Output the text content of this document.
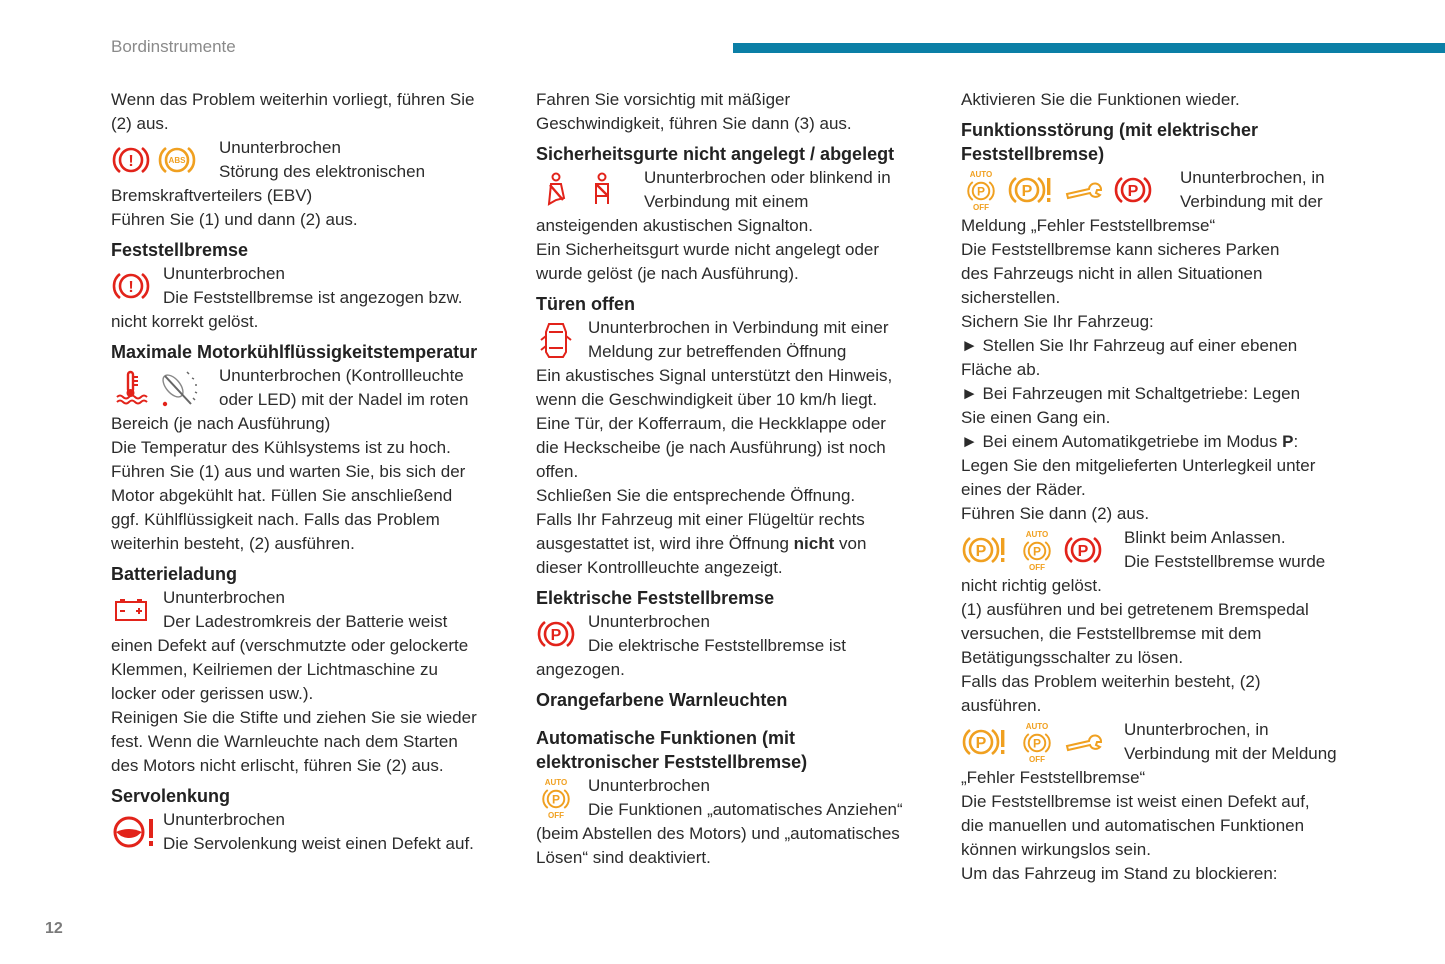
Bordinstrumente

Wenn das Problem weiterhin vorliegt, führen Sie
(2) aus.

!	ABS
Ununterbrochen
Störung des elektronischen
Bremskraftverteilers (EBV)
Führen Sie (1) und dann (2) aus.

Feststellbremse

!
Ununterbrochen
Die Feststellbremse ist angezogen bzw.
nicht korrekt gelöst.

Maximale Motorkühlflüssigkeitstemperatur

Ununterbrochen (Kontrollleuchte
oder LED) mit der Nadel im roten
Bereich (je nach Ausführung)
Die Temperatur des Kühlsystems ist zu hoch.
Führen Sie (1) aus und warten Sie, bis sich der
Motor abgekühlt hat. Füllen Sie anschließend
ggf. Kühlflüssigkeit nach. Falls das Problem
weiterhin besteht, (2) ausführen.

Batterieladung

Ununterbrochen
Der Ladestromkreis der Batterie weist
einen Defekt auf (verschmutzte oder gelockerte
Klemmen, Keilriemen der Lichtmaschine zu
locker oder gerissen usw.).
Reinigen Sie die Stifte und ziehen Sie sie wieder
fest. Wenn die Warnleuchte nach dem Starten
des Motors nicht erlischt, führen Sie (2) aus.

Servolenkung

Ununterbrochen
Die Servolenkung weist einen Defekt auf.

Fahren Sie vorsichtig mit mäßiger
Geschwindigkeit, führen Sie dann (3) aus.

Sicherheitsgurte nicht angelegt / abgelegt

Ununterbrochen oder blinkend in
Verbindung mit einem
ansteigenden akustischen Signalton.
Ein Sicherheitsgurt wurde nicht angelegt oder
wurde gelöst (je nach Ausführung).

Türen offen

Ununterbrochen in Verbindung mit einer
Meldung zur betreffenden Öffnung
Ein akustisches Signal unterstützt den Hinweis,
wenn die Geschwindigkeit über 10 km/h liegt.
Eine Tür, der Kofferraum, die Heckklappe oder
die Heckscheibe (je nach Ausführung) ist noch
offen.
Schließen Sie die entsprechende Öffnung.
Falls Ihr Fahrzeug mit einer Flügeltür rechts
ausgestattet ist, wird ihre Öffnung nicht von
dieser Kontrollleuchte angezeigt.

Elektrische Feststellbremse

P
Ununterbrochen
Die elektrische Feststellbremse ist
angezogen.

Orangefarbene Warnleuchten
Automatische Funktionen (mit
elektronischer Feststellbremse)

AUTO
P
OFF
Ununterbrochen
Die Funktionen „automatisches Anziehen“
(beim Abstellen des Motors) und „automatisches
Lösen“ sind deaktiviert.

Aktivieren Sie die Funktionen wieder.

Funktionsstörung (mit elektrischer
Feststellbremse)

AUTO
P
OFF
P	P
Ununterbrochen, in
Verbindung mit der
Meldung „Fehler Feststellbremse“
Die Feststellbremse kann sicheres Parken
des Fahrzeugs nicht in allen Situationen
sicherstellen.
Sichern Sie Ihr Fahrzeug:
► Stellen Sie Ihr Fahrzeug auf einer ebenen
Fläche ab.
► Bei Fahrzeugen mit Schaltgetriebe: Legen
Sie einen Gang ein.
► Bei einem Automatikgetriebe im Modus P:
Legen Sie den mitgelieferten Unterlegkeil unter
eines der Räder.
Führen Sie dann (2) aus.

P
AUTO
P
OFF
P
Blinkt beim Anlassen.
Die Feststellbremse wurde
nicht richtig gelöst.
(1) ausführen und bei getretenem Bremspedal
versuchen, die Feststellbremse mit dem
Betätigungsschalter zu lösen.
Falls das Problem weiterhin besteht, (2)
ausführen.

P
AUTO
P
OFF
Ununterbrochen, in
Verbindung mit der Meldung
„Fehler Feststellbremse“
Die Feststellbremse ist weist einen Defekt auf,
die manuellen und automatischen Funktionen
können wirkungslos sein.
Um das Fahrzeug im Stand zu blockieren:

12
